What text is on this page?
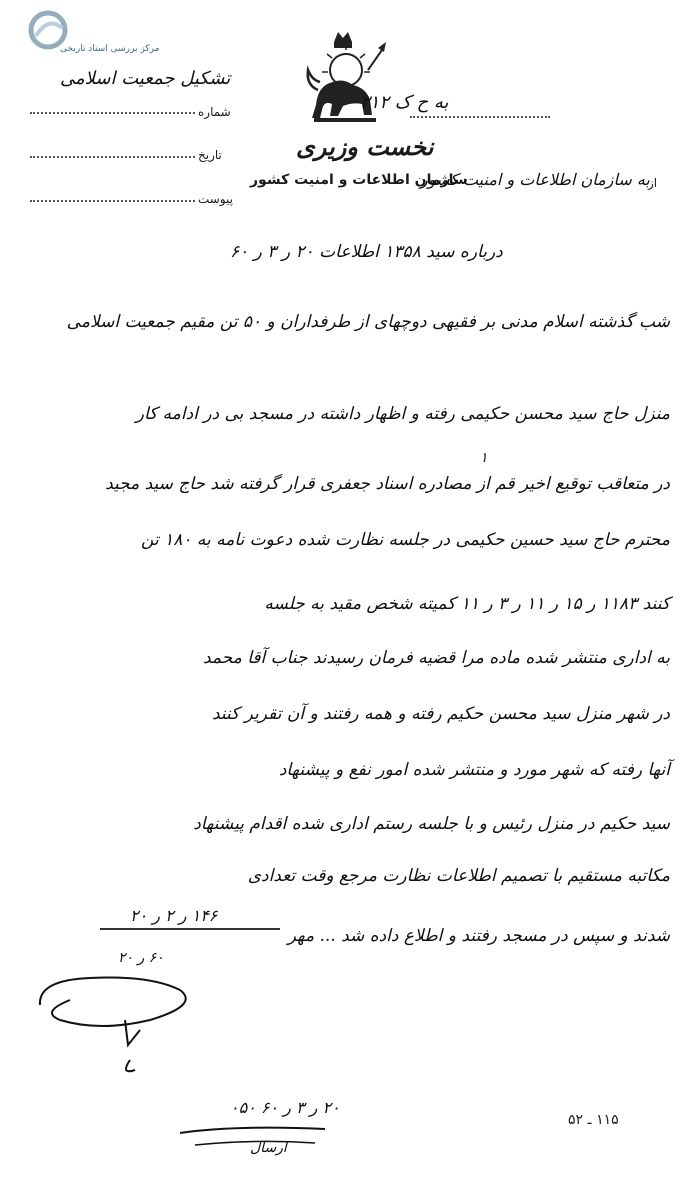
مرکز بررسی اسناد تاریخی
نخست وزیری
سازمان اطلاعات و امنیت کشور
به ح ک ۳۱۲
شماره
تاریخ
پیوست
تشکیل جمعیت اسلامی
به سازمان اطلاعات و امنیت کشور
از
درباره سید ۱۳۵۸ اطلاعات ۲۰ ر ۳ ر ۶۰
شب گذشته اسلام مدنی بر فقیهی دوچهای از طرفداران و ۵۰ تن مقیم جمعیت اسلامی
منزل حاج سید محسن حکیمی رفته و اظهار داشته در مسجد بی در ادامه کار
۱
در متعاقب توقیع اخیر قم از مصادره اسناد جعفری قرار گرفته شد حاج سید مجید
محترم حاج سید حسین حکیمی در جلسه نظارت شده دعوت نامه به ۱۸۰ تن
کنند ۱۱۸۳ ر ۱۵ ر ۱۱ ر ۳ ر ۱۱ کمیته شخص مقید به جلسه
به اداری منتشر شده ماده مرا قضیه فرمان رسیدند جناب آقا محمد
در شهر منزل سید محسن حکیم رفته و همه رفتند و آن تقریر کنند
آنها رفته که شهر مورد و منتشر شده امور نفع و پیشنهاد
سید حکیم در منزل رئیس و با جلسه رستم اداری شده اقدام پیشنهاد
مکاتبه مستقیم با تصمیم اطلاعات نظارت مرجع وقت تعدادی
شدند و سپس در مسجد رفتند و اطلاع داده شد ... مهر
۱۴۶ ر ۲ ر ۲۰
۶۰ ر ۲۰
۲۰ ر ۳ ر ۶۰ ۰۵۰
ارسال
۱۱۵ ـ ۵۲
